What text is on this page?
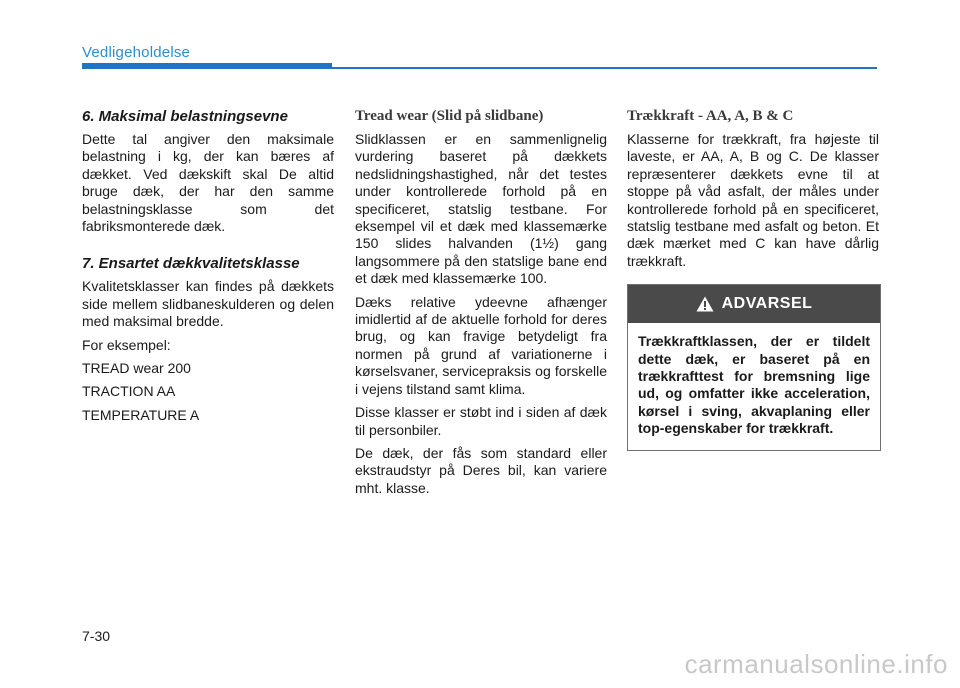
Vedligeholdelse
6. Maksimal belastningsevne

Dette tal angiver den maksimale belastning i kg, der kan bæres af dækket. Ved dækskift skal De altid bruge dæk, der har den samme belastningsklasse som det fabriksmonterede dæk.

7. Ensartet dækkvalitetsklasse

Kvalitetsklasser kan findes på dækkets side mellem slidbaneskulderen og delen med maksimal bredde.

For eksempel:

TREAD wear 200

TRACTION AA

TEMPERATURE A

Tread wear (Slid på slidbane)

Slidklassen er en sammenlignelig vurdering baseret på dækkets nedslidningshastighed, når det testes under kontrollerede forhold på en specificeret, statslig testbane. For eksempel vil et dæk med klassemærke 150 slides halvanden (1½) gang langsommere på den statslige bane end et dæk med klassemærke 100.

Dæks relative ydeevne afhænger imidlertid af de aktuelle forhold for deres brug, og kan fravige betydeligt fra normen på grund af variationerne i kørselsvaner, servicepraksis og forskelle i vejens tilstand samt klima.

Disse klasser er støbt ind i siden af dæk til personbiler.

De dæk, der fås som standard eller ekstraudstyr på Deres bil, kan variere mht. klasse.

Trækkraft - AA, A, B & C

Klasserne for trækkraft, fra højeste til laveste, er AA, A, B og C. De klasser repræsenterer dækkets evne til at stoppe på våd asfalt, der måles under kontrollerede forhold på en specificeret, statslig testbane med asfalt og beton. Et dæk mærket med C kan have dårlig trækkraft.

ADVARSEL
Trækkraftklassen, der er tildelt dette dæk, er baseret på en trækkrafttest for bremsning lige ud, og omfatter ikke acceleration, kørsel i sving, akvaplaning eller top-egenskaber for trækkraft.
7-30
carmanualsonline.info
